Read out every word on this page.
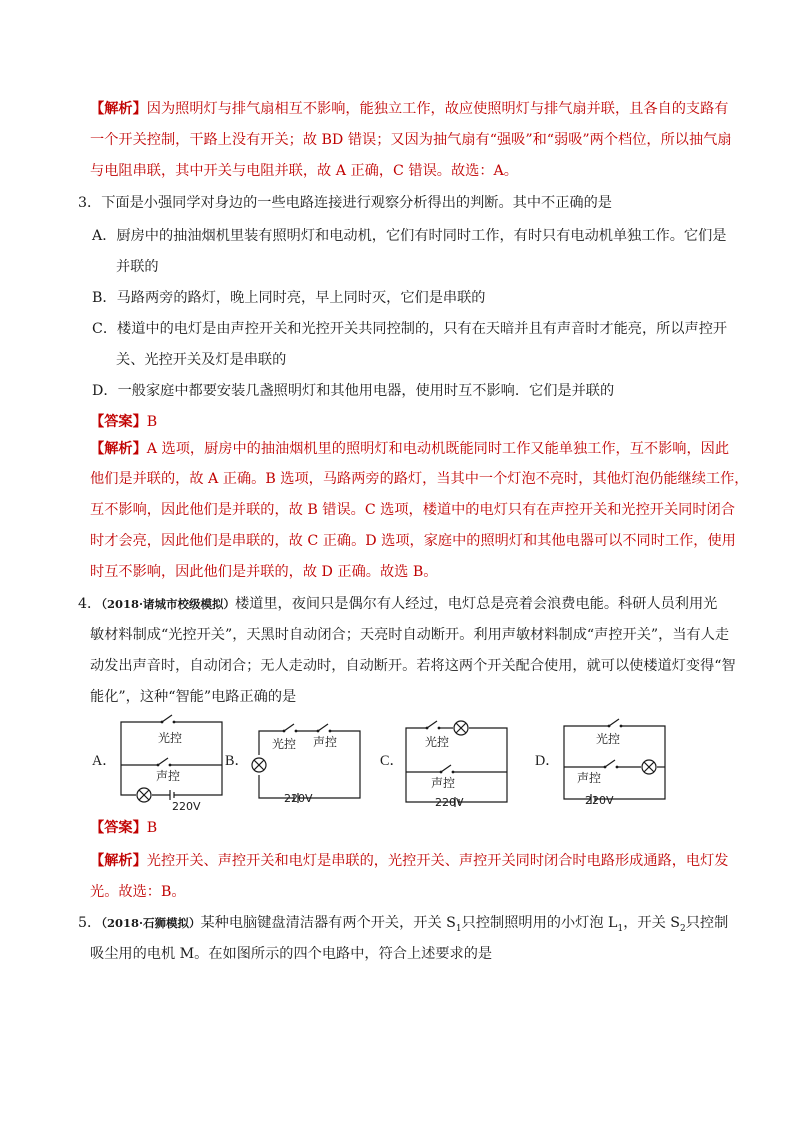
【解析】因为照明灯与排气扇相互不影响，能独立工作，故应使照明灯与排气扇并联，且各自的支路有
一个开关控制，干路上没有开关；故 BD 错误；又因为抽气扇有“强吸”和“弱吸”两个档位，所以抽气扇
与电阻串联，其中开关与电阻并联，故 A 正确，C 错误。故选：A。
3．下面是小强同学对身边的一些电路连接进行观察分析得出的判断。其中不正确的是
A．厨房中的抽油烟机里装有照明灯和电动机，它们有时同时工作，有时只有电动机单独工作。它们是
并联的
B．马路两旁的路灯，晚上同时亮，早上同时灭，它们是串联的
C．楼道中的电灯是由声控开关和光控开关共同控制的，只有在天暗并且有声音时才能亮，所以声控开
关、光控开关及灯是串联的
D．一般家庭中都要安装几盏照明灯和其他用电器，使用时互不影响．它们是并联的
【答案】B
【解析】A 选项，厨房中的抽油烟机里的照明灯和电动机既能同时工作又能单独工作，互不影响，因此
他们是并联的，故 A 正确。B 选项，马路两旁的路灯，当其中一个灯泡不亮时，其他灯泡仍能继续工作，
互不影响，因此他们是并联的，故 B 错误。C 选项，楼道中的电灯只有在声控开关和光控开关同时闭合
时才会亮，因此他们是串联的，故 C 正确。D 选项，家庭中的照明灯和其他电器可以不同时工作，使用
时互不影响，因此他们是并联的，故 D 正确。故选 B。
4．（2018·诸城市校级模拟）楼道里，夜间只是偶尔有人经过，电灯总是亮着会浪费电能。科研人员利用光
敏材料制成“光控开关”，天黑时自动闭合；天亮时自动断开。利用声敏材料制成“声控开关”，当有人走
动发出声音时，自动闭合；无人走动时，自动断开。若将这两个开关配合使用，就可以使楼道灯变得“智
能化”，这种“智能”电路正确的是
A．	B．	C．	D．
光控
声控
220V
光控 声控
220V
光控
声控
220V
光控
声控
220V
【答案】B
【解析】光控开关、声控开关和电灯是串联的，光控开关、声控开关同时闭合时电路形成通路，电灯发
光。故选：B。
5．（2018·石狮模拟）某种电脑键盘清洁器有两个开关，开关 $S_1$只控制照明用的小灯泡 $L_1$，开关 $S_2$只控制
吸尘用的电机 M。在如图所示的四个电路中，符合上述要求的是
